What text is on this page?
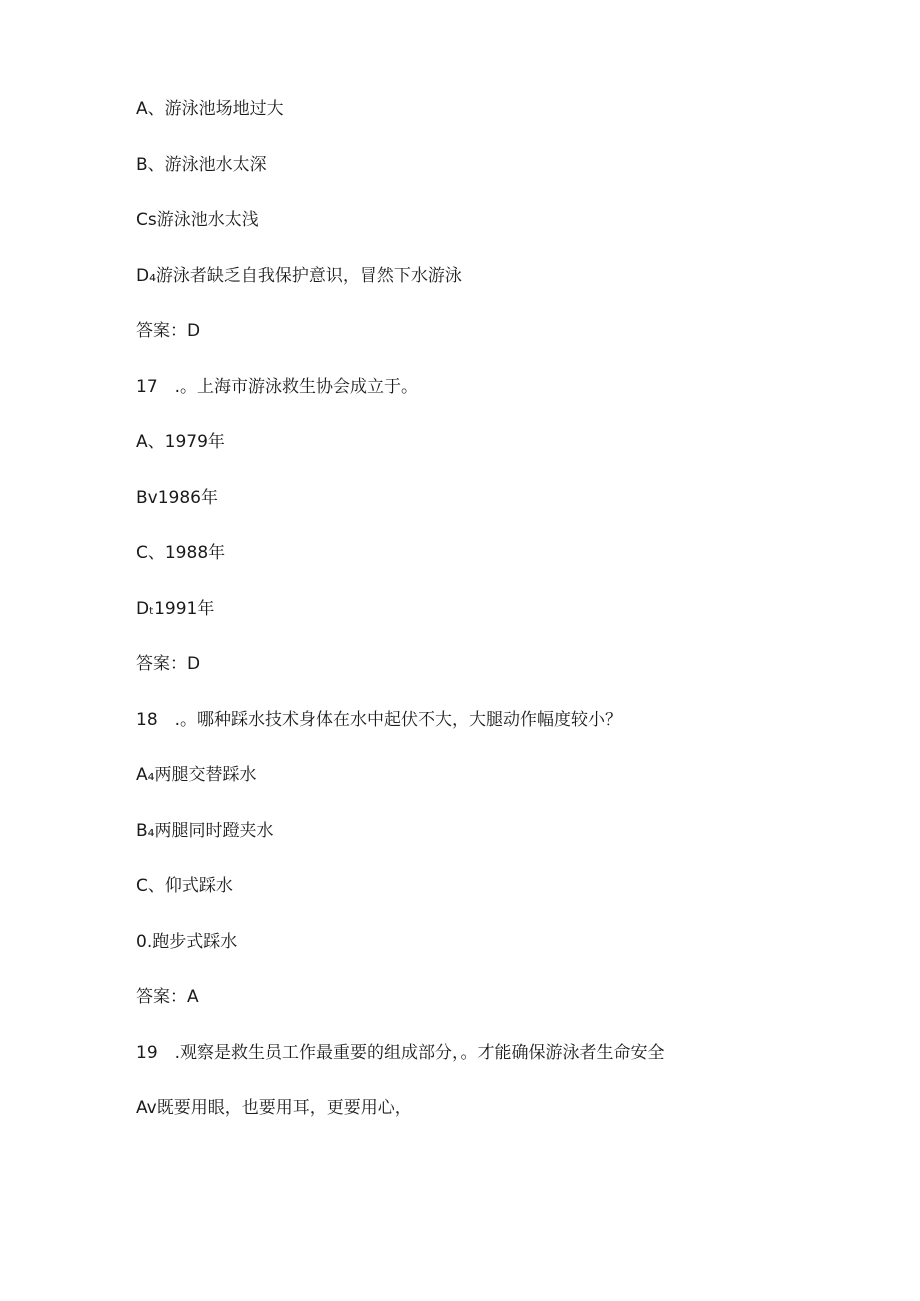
A、游泳池场地过大
B、游泳池水太深
Cs游泳池水太浅
D₄游泳者缺乏自我保护意识，冒然下水游泳
答案：D
17　.。上海市游泳救生协会成立于。
A、1979年
Bv1986年
C、1988年
Dₜ1991年
答案：D
18　.。哪种踩水技术身体在水中起伏不大，大腿动作幅度较小？
A₄两腿交替踩水
B₄两腿同时蹬夹水
C、仰式踩水
0.跑步式踩水
答案：A
19　.观察是救生员工作最重要的组成部分，。才能确保游泳者生命安全
Av既要用眼，也要用耳，更要用心，
